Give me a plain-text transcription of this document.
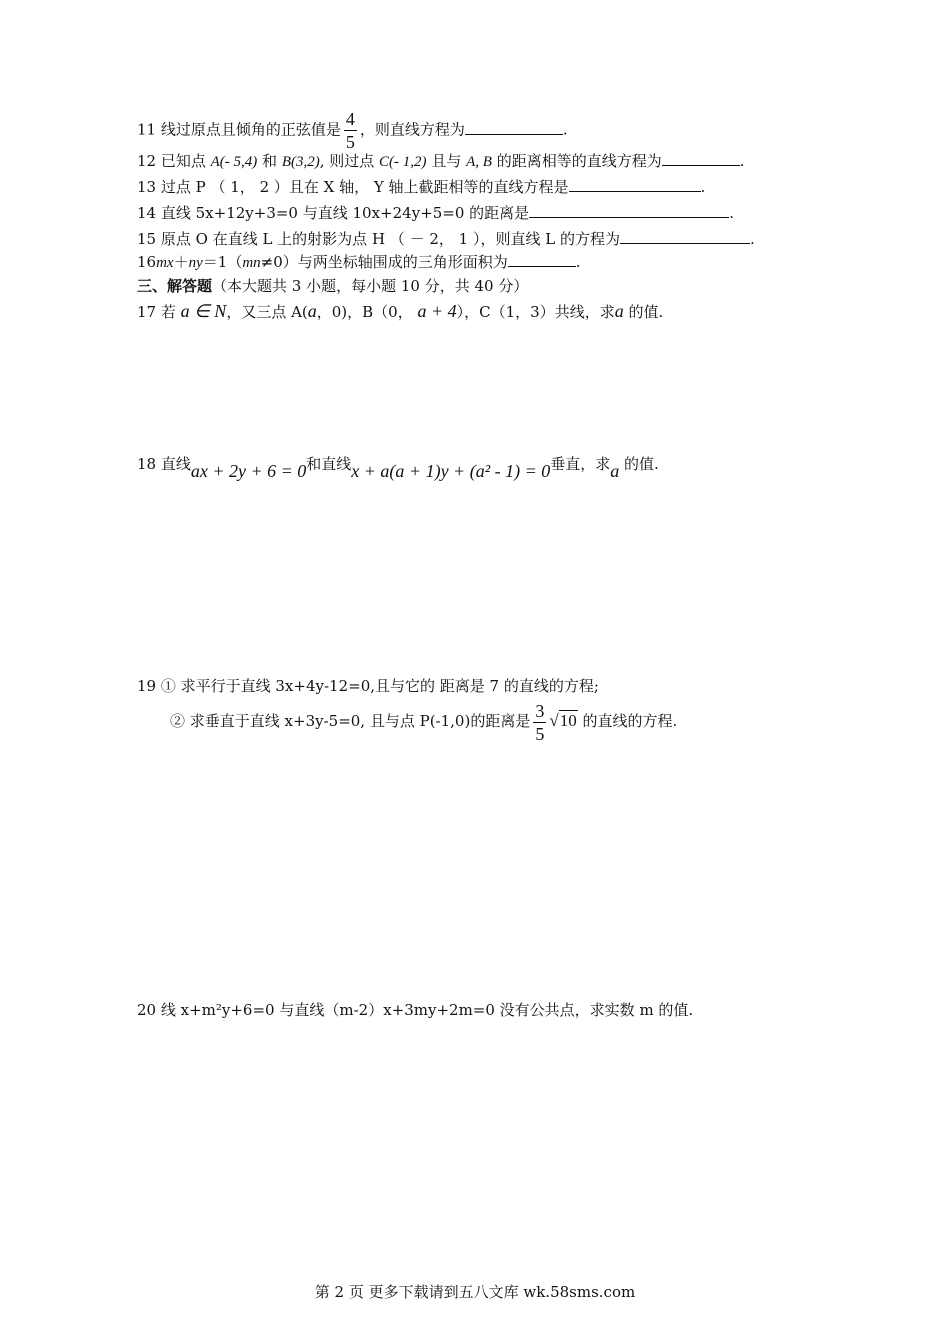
11 线过原点且倾角的正弦值是 $\frac{4}{5}$ ，则直线方程为	.
12 已知点 A(- 5,4) 和 B(3,2), 则过点 C(- 1,2) 且与 A, B 的距离相等的直线方程为	.
13 过点 P （ 1， 2 ）且在 X 轴， Y 轴上截距相等的直线方程是	.
14 直线 5x+12y+3=0 与直线 10x+24y+5=0 的距离是	.
15 原点 O 在直线 L 上的射影为点 H （ － 2， 1 ），则直线 L 的方程为	.
16mx＋ny＝1（mn≠0）与两坐标轴围成的三角形面积为	.
三、解答题（本大题共 3 小题，每小题 10 分，共 40 分）
17 若 a ∈ N，又三点 A(a，0)，B（0， a + 4），C（1，3）共线，求a 的值.
18 直线ax + 2y + 6 = 0和直线x + a(a + 1)y + (a² - 1) = 0垂直，求a 的值.
19 ① 求平行于直线 3x+4y-12=0,且与它的 距离是 7 的直线的方程;
② 求垂直于直线 x+3y-5=0, 且与点 P(-1,0)的距离是 $\frac{3}{5} √10$ 的直线的方程.
20 线 x+m²y+6=0 与直线（m-2）x+3my+2m=0 没有公共点，求实数 m 的值.
第 2 页 更多下载请到五八文库 wk.58sms.com
